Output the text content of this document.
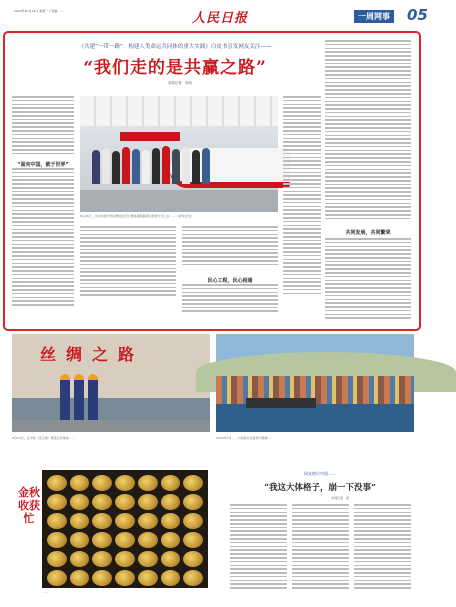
2023年10月23日 星期一 | 责编：…	人民日报	一周网事 05
《共建“一带一路”：构建人类命运共同体的重大实践》白皮书引发网友关注——
“我们走的是共赢之路”
本网记者　廖伟　
“面向中国，就于世界”
9月26日，来自印度尼西亚雅加达至万隆高速铁路项目的部分员工在……（新华社发）
民心工程，民心相通
共同发展，共同繁荣
丝绸之路
9月12日，在中哈（连云港）物流合作基地……	2023年3月…，中远海运比雷埃夫斯港……
金秋收获忙
……
网友热议中国……
“我这大体格子，崩一下没事”
本网记者　廖　
